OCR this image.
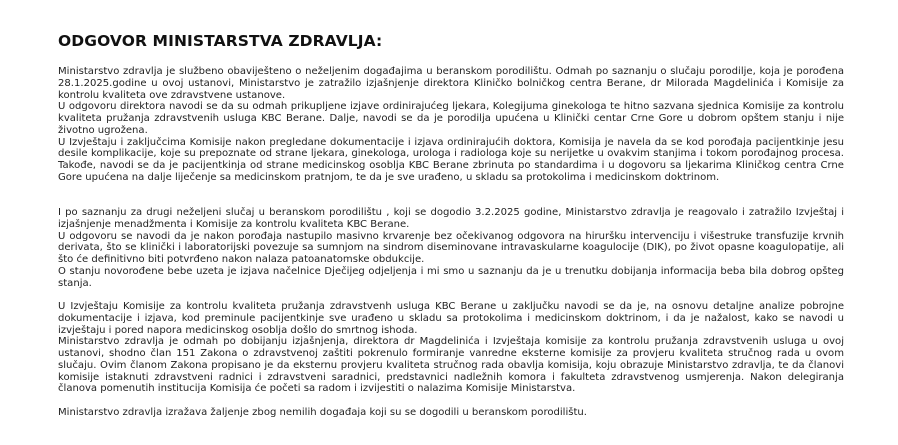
ODGOVOR MINISTARSTVA ZDRAVLJA:

Ministarstvo zdravlja je službeno obaviješteno o neželjenim događajima u beranskom porodilištu. Odmah po saznanju o slučaju porodilje, koja je porođena 28.1.2025.godine u ovoj ustanovi, Ministarstvo je zatražilo izjašnjenje direktora Kliničko bolničkog centra Berane, dr Milorada Magdelinića i Komisije za kontrolu kvaliteta ove zdravstvene ustanove.

U odgovoru direktora navodi se da su odmah prikupljene izjave ordinirajućeg ljekara, Kolegijuma ginekologa te hitno sazvana sjednica Komisije za kontrolu kvaliteta pružanja zdravstvenih usluga KBC Berane. Dalje, navodi se da je porodilja upućena u Klinički centar Crne Gore u dobrom opštem stanju i nije životno ugrožena.

U Izvještaju i zaključcima Komisije nakon pregledane dokumentacije i izjava ordinirajućih doktora, Komisija je navela da se kod porođaja pacijentkinje jesu desile komplikacije, koje su prepoznate od strane ljekara, ginekologa, urologa i radiologa koje su nerijetke u ovakvim stanjima i tokom porođajnog procesa. Takođe, navodi se da je pacijentkinja od strane medicinskog osoblja KBC Berane zbrinuta po standardima i u dogovoru sa ljekarima Kliničkog centra Crne Gore upućena na dalje liječenje sa medicinskom pratnjom, te da je sve urađeno, u skladu sa protokolima i medicinskom doktrinom.

I po saznanju za drugi neželjeni slučaj u beranskom porodilištu , koji se dogodio 3.2.2025 godine, Ministarstvo zdravlja je reagovalo i zatražilo Izvještaj i izjašnjenje menadžmenta i Komisije za kontrolu kvaliteta KBC Berane.

U odgovoru se navodi da je nakon porođaja nastupilo masivno krvarenje bez očekivanog odgovora na hiruršku intervenciju i višestruke transfuzije krvnih derivata, što se klinički i laboratorijski povezuje sa sumnjom na sindrom diseminovane intravaskularne koagulocije (DIK), po život opasne koagulopatije, ali što će definitivno biti potvrđeno nakon nalaza patoanatomske obdukcije.

O stanju novorođene bebe uzeta je izjava načelnice Dječijeg odjeljenja i mi smo u saznanju da je u trenutku dobijanja informacija beba bila dobrog opšteg stanja.

U Izvještaju Komisije za kontrolu kvaliteta pružanja zdravstvenh usluga KBC Berane u zaključku navodi se da je, na osnovu detaljne analize pobrojne dokumentacije i izjava, kod preminule pacijentkinje sve urađeno u skladu sa protokolima i medicinskom doktrinom, i da je nažalost, kako se navodi u izvještaju i pored napora medicinskog osoblja došlo do smrtnog ishoda.

Ministarstvo zdravlja je odmah po dobijanju izjašnjenja, direktora dr Magdelinića i Izvještaja komisije za kontrolu pružanja zdravstvenih usluga u ovoj ustanovi, shodno član 151 Zakona o zdravstvenoj zaštiti pokrenulo formiranje vanredne eksterne komisije za provjeru kvaliteta stručnog rada u ovom slučaju. Ovim članom Zakona propisano je da eksternu provjeru kvaliteta stručnog rada obavlja komisija, koju obrazuje Ministarstvo zdravlja, te da članovi komisije istaknuti zdravstveni radnici i zdravstveni saradnici, predstavnici nadležnih komora i fakulteta zdravstvenog usmjerenja. Nakon delegiranja članova pomenutih institucija Komisija će početi sa radom i izvijestiti o nalazima Komisije Ministarstva.

Ministarstvo zdravlja izražava žaljenje zbog nemilih događaja koji su se dogodili u beranskom porodilištu.
